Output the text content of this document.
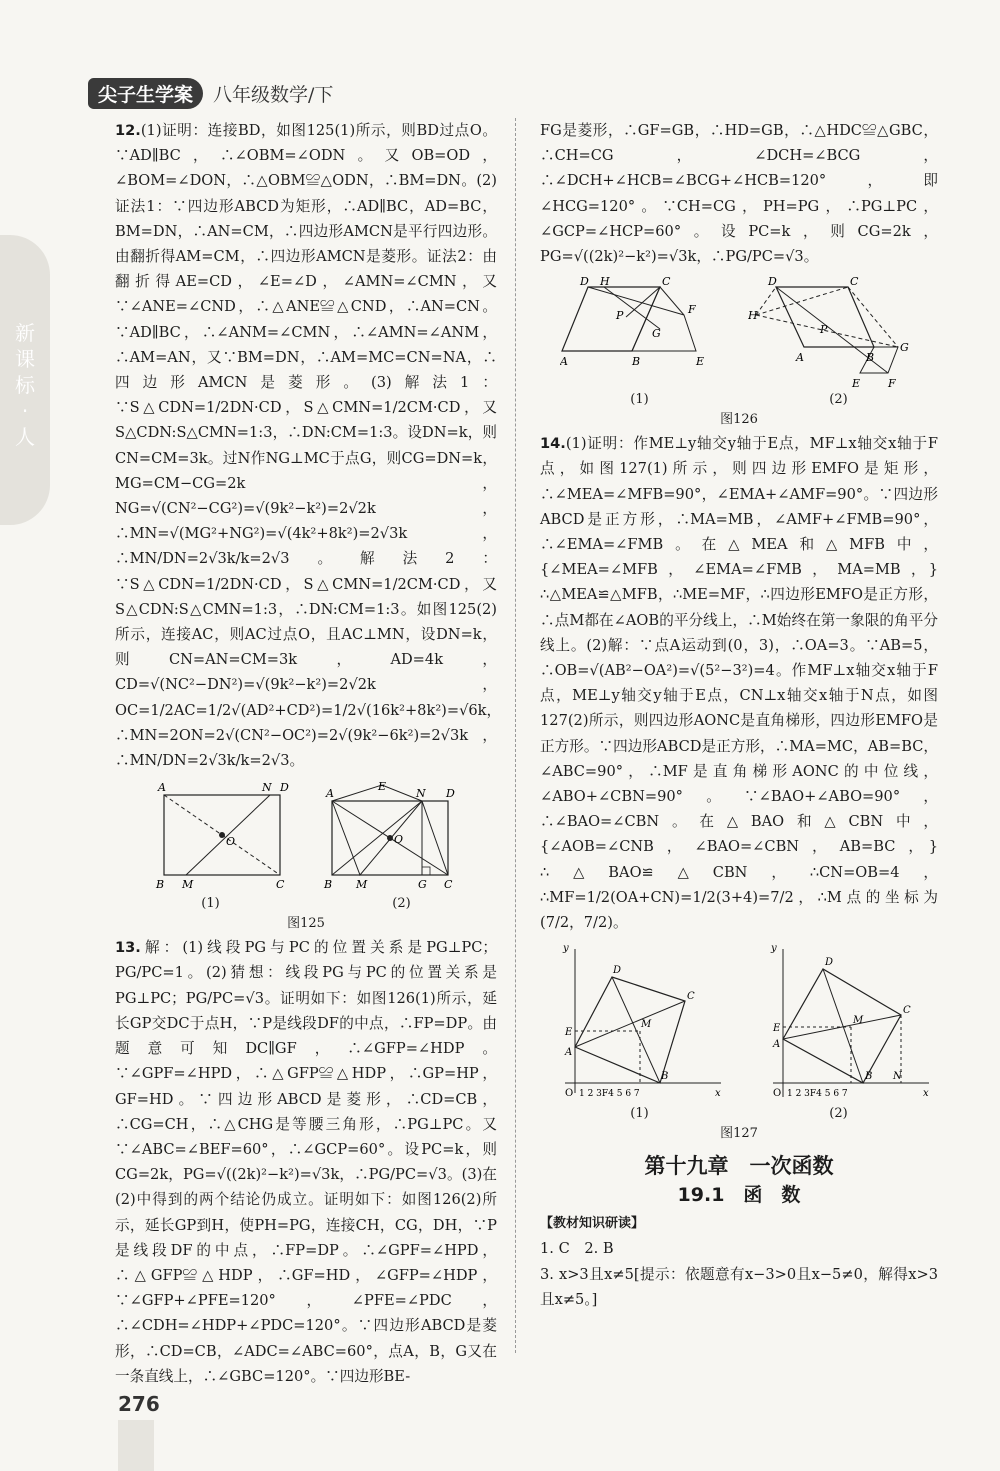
尖子生学案	八年级数学/下
新课标·人

12.(1)证明：连接BD，如图125(1)所示，则BD过点O。∵AD∥BC，∴∠OBM=∠ODN。又OB=OD，∠BOM=∠DON，∴△OBM≌△ODN，∴BM=DN。(2)证法1：∵四边形ABCD为矩形，∴AD∥BC，AD=BC，BM=DN，∴AN=CM，∴四边形AMCN是平行四边形。由翻折得AM=CM，∴四边形AMCN是菱形。证法2：由翻折得AE=CD，∠E=∠D，∠AMN=∠CMN，又∵∠ANE=∠CND，∴△ANE≌△CND，∴AN=CN。∵AD∥BC，∴∠ANM=∠CMN，∴∠AMN=∠ANM，∴AM=AN，又∵BM=DN，∴AM=MC=CN=NA，∴四边形AMCN是菱形。(3)解法1：∵S△CDN=1/2DN·CD，S△CMN=1/2CM·CD，又S△CDN:S△CMN=1:3，∴DN:CM=1:3。设DN=k，则CN=CM=3k。过N作NG⊥MC于点G，则CG=DN=k，MG=CM−CG=2k，NG=√(CN²−CG²)=√(9k²−k²)=2√2k，∴MN=√(MG²+NG²)=√(4k²+8k²)=2√3k，∴MN/DN=2√3k/k=2√3。解法2：∵S△CDN=1/2DN·CD，S△CMN=1/2CM·CD，又S△CDN:S△CMN=1:3，∴DN:CM=1:3。如图125(2)所示，连接AC，则AC过点O，且AC⊥MN，设DN=k，则CN=AN=CM=3k，AD=4k，CD=√(NC²−DN²)=√(9k²−k²)=2√2k，OC=1/2AC=1/2√(AD²+CD²)=1/2√(16k²+8k²)=√6k，∴MN=2ON=2√(CN²−OC²)=2√(9k²−6k²)=2√3k，∴MN/DN=2√3k/k=2√3。

A	N D
O
B M	C
A
E
N D
O
B M	G C
(1)	(2)
图125

13.解：(1)线段PG与PC的位置关系是PG⊥PC；PG/PC=1。(2)猜想：线段PG与PC的位置关系是PG⊥PC；PG/PC=√3。证明如下：如图126(1)所示，延长GP交DC于点H，∵P是线段DF的中点，∴FP=DP。由题意可知DC∥GF，∴∠GFP=∠HDP。∵∠GPF=∠HPD，∴△GFP≌△HDP，∴GP=HP，GF=HD。∵四边形ABCD是菱形，∴CD=CB，∴CG=CH，∴△CHG是等腰三角形，∴PG⊥PC。又∵∠ABC=∠BEF=60°，∴∠GCP=60°。设PC=k，则CG=2k，PG=√((2k)²−k²)=√3k，∴PG/PC=√3。(3)在(2)中得到的两个结论仍成立。证明如下：如图126(2)所示，延长GP到H，使PH=PG，连接CH，CG，DH，∵P是线段DF的中点，∴FP=DP。∴∠GPF=∠HPD，∴△GFP≌△HDP，∴GF=HD，∠GFP=∠HDP，∵∠GFP+∠PFE=120°，∠PFE=∠PDC，∴∠CDH=∠HDP+∠PDC=120°。∵四边形ABCD是菱形，∴CD=CB，∠ADC=∠ABC=60°，点A，B，G又在一条直线上，∴∠GBC=120°。∵四边形BE-

FG是菱形，∴GF=GB，∴HD=GB，∴△HDC≌△GBC，∴CH=CG，∠DCH=∠BCG，∴∠DCH+∠HCB=∠BCG+∠HCB=120°，即∠HCG=120°。∵CH=CG，PH=PG，∴PG⊥PC，∠GCP=∠HCP=60°。设PC=k，则CG=2k，PG=√((2k)²−k²)=√3k，∴PG/PC=√3。

D H	C
P	F
G
A	B	E
D	C
H
P
G
A	B
E	F
(1)	(2)
图126

14.(1)证明：作ME⊥y轴交y轴于E点，MF⊥x轴交x轴于F点，如图127(1)所示，则四边形EMFO是矩形，∴∠MEA=∠MFB=90°，∠EMA+∠AMF=90°。∵四边形ABCD是正方形，∴MA=MB，∠AMF+∠FMB=90°，∴∠EMA=∠FMB。在△MEA和△MFB中，{∠MEA=∠MFB，∠EMA=∠FMB，MA=MB，}∴△MEA≌△MFB，∴ME=MF，∴四边形EMFO是正方形，∴点M都在∠AOB的平分线上，∴M始终在第一象限的角平分线上。(2)解：∵点A运动到(0，3)，∴OA=3。∵AB=5，∴OB=√(AB²−OA²)=√(5²−3²)=4。作MF⊥x轴交x轴于F点，ME⊥y轴交y轴于E点，CN⊥x轴交x轴于N点，如图127(2)所示，则四边形AONC是直角梯形，四边形EMFO是正方形。∵四边形ABCD是正方形，∴MA=MC，AB=BC，∠ABC=90°，∴MF是直角梯形AONC的中位线，∠ABO+∠CBN=90°。∵∠BAO+∠ABO=90°，∴∠BAO=∠CBN。在△BAO和△CBN中，{∠AOB=∠CNB，∠BAO=∠CBN，AB=BC，}∴△BAO≌△CBN，∴CN=OB=4，∴MF=1/2(OA+CN)=1/2(3+4)=7/2，∴M点的坐标为(7/2，7/2)。

y
x
O
D
C
M
E
A
B
1 2 3F4 5 6 7
y
x
O
D
C
M
E
A
B N
1 2 3F4 5 6 7
(1)	(2)
图127
第十九章　一次函数
19.1　函　数
【教材知识研读】

1. C　2. B

3. x>3且x≠5[提示：依题意有x−3>0且x−5≠0，解得x>3且x≠5。]

276
